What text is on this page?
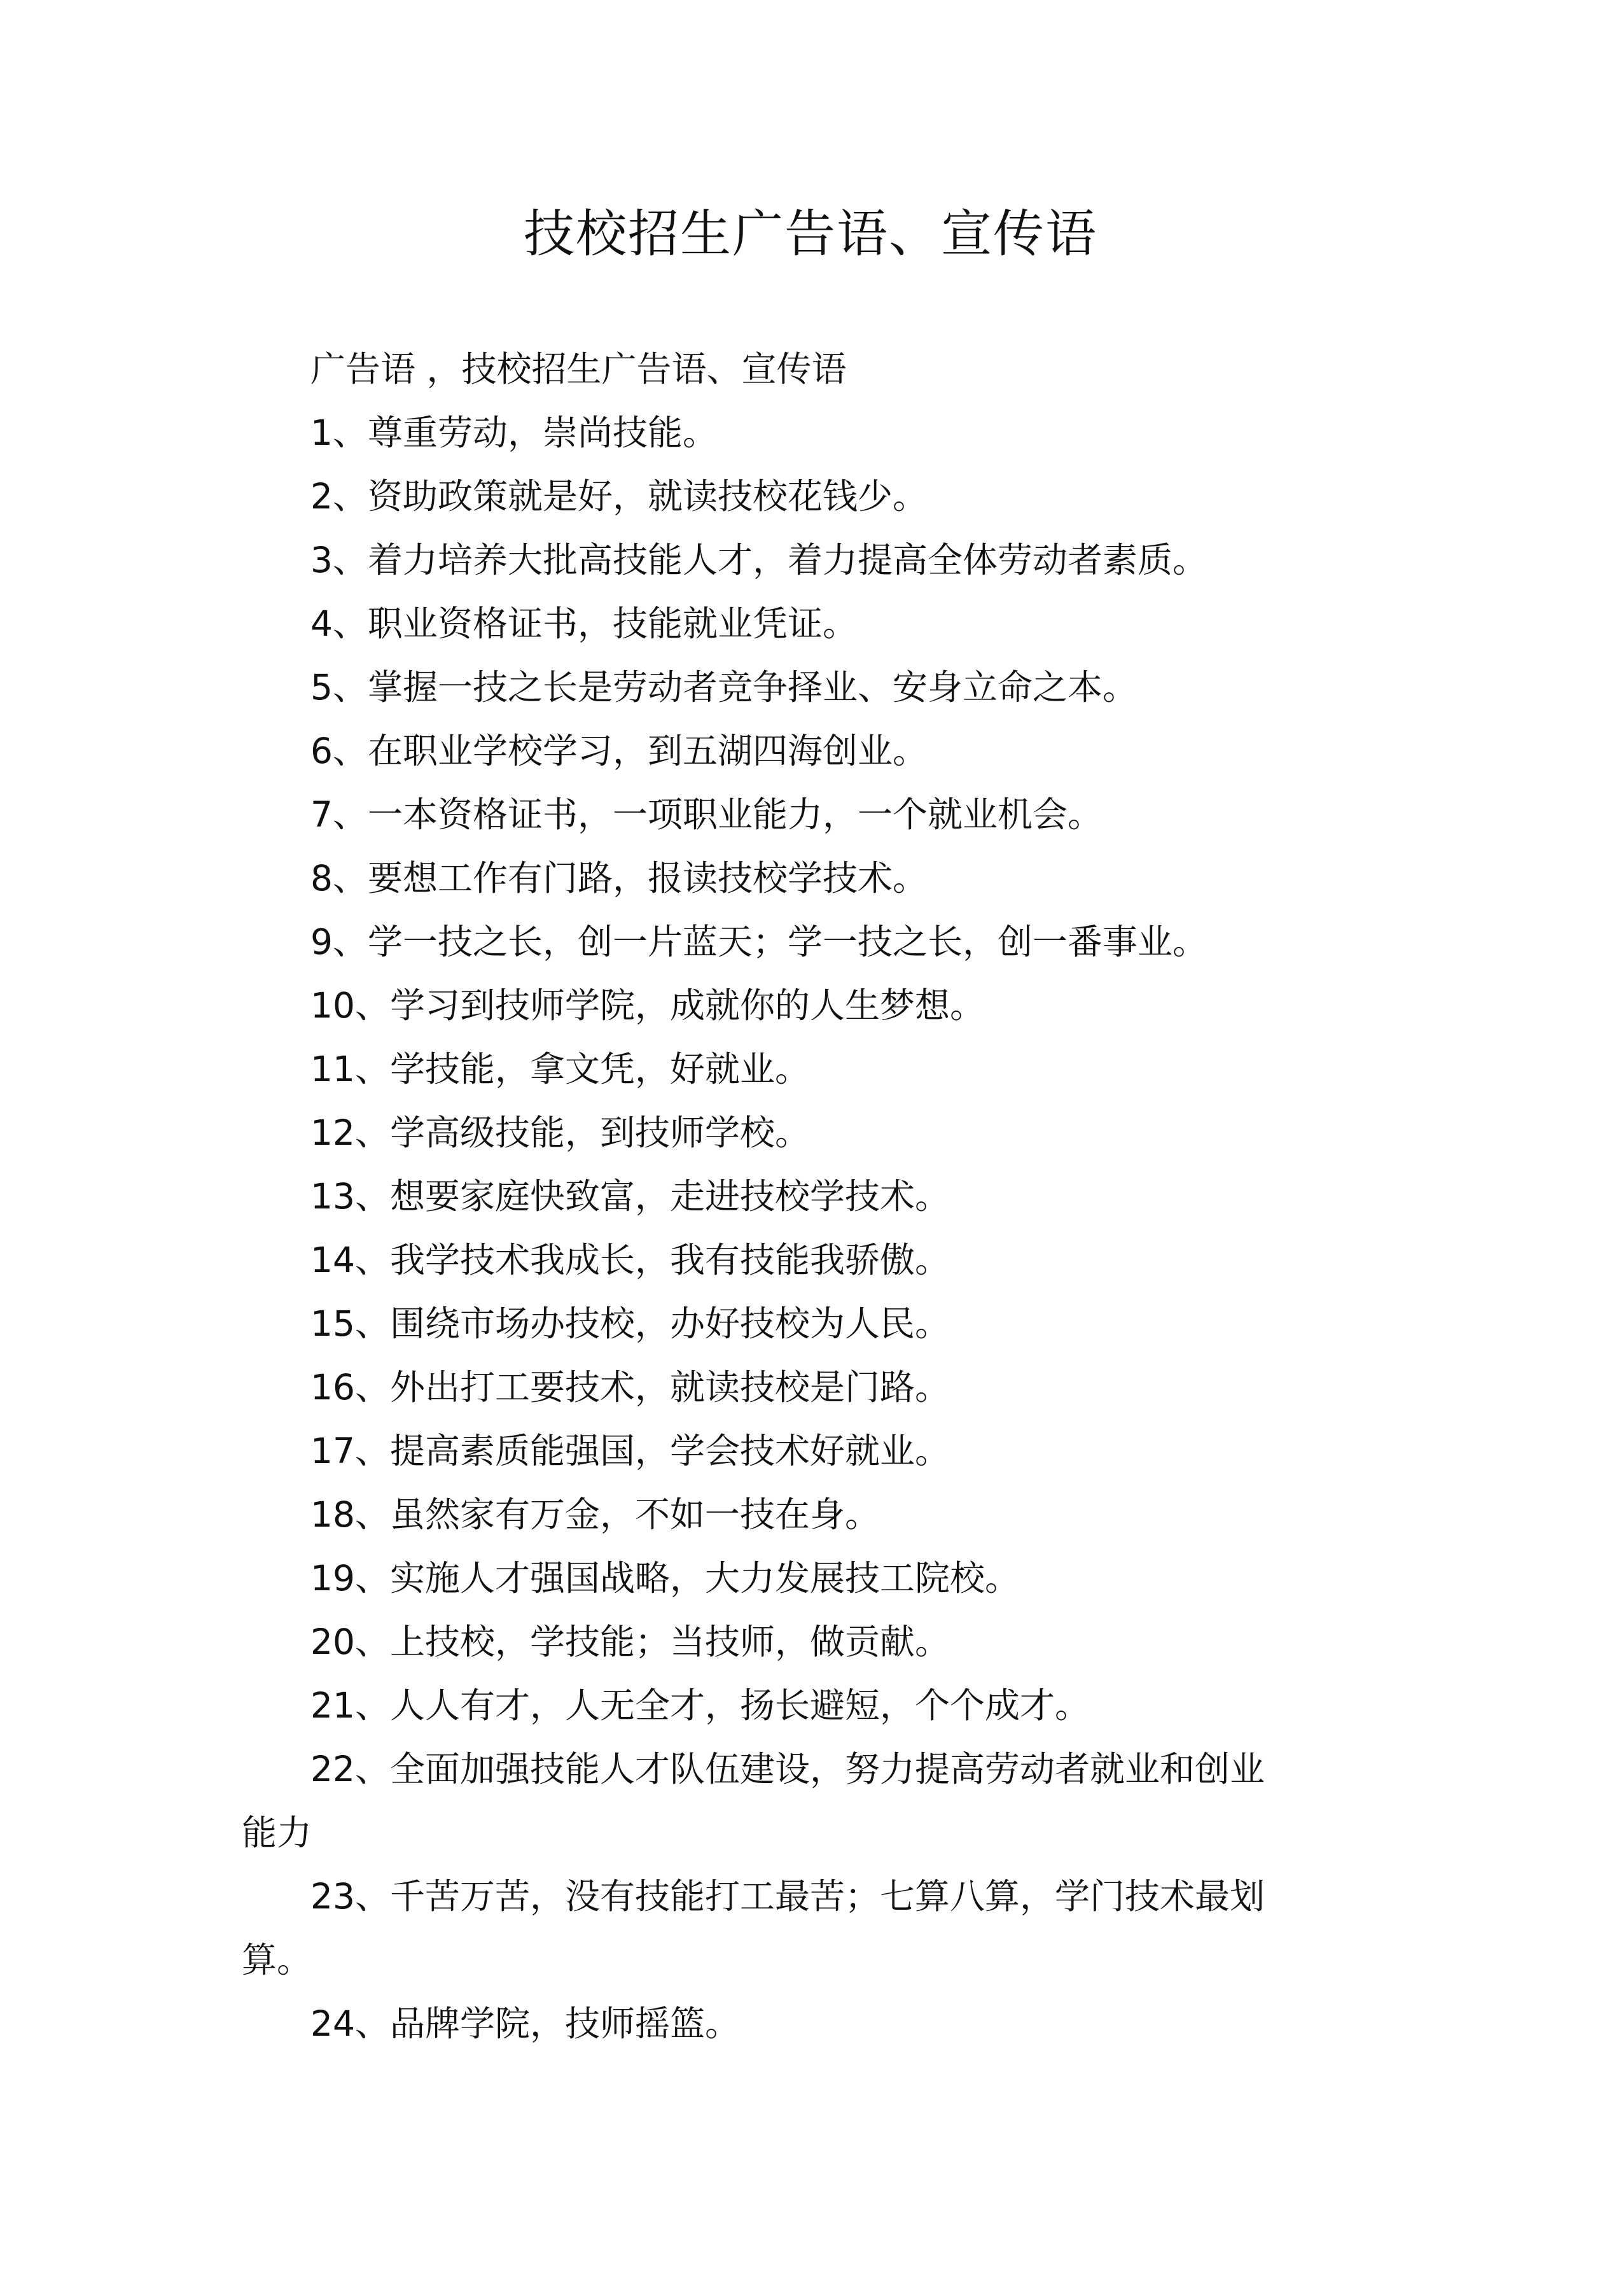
技校招生广告语、宣传语
广告语 ，技校招生广告语、宣传语
1、尊重劳动，崇尚技能。
2、资助政策就是好，就读技校花钱少。
3、着力培养大批高技能人才，着力提高全体劳动者素质。
4、职业资格证书，技能就业凭证。
5、掌握一技之长是劳动者竞争择业、安身立命之本。
6、在职业学校学习，到五湖四海创业。
7、一本资格证书，一项职业能力，一个就业机会。
8、要想工作有门路，报读技校学技术。
9、学一技之长，创一片蓝天；学一技之长，创一番事业。
10、学习到技师学院，成就你的人生梦想。
11、学技能，拿文凭，好就业。
12、学高级技能，到技师学校。
13、想要家庭快致富，走进技校学技术。
14、我学技术我成长，我有技能我骄傲。
15、围绕市场办技校，办好技校为人民。
16、外出打工要技术，就读技校是门路。
17、提高素质能强国，学会技术好就业。
18、虽然家有万金，不如一技在身。
19、实施人才强国战略，大力发展技工院校。
20、上技校，学技能；当技师，做贡献。
21、人人有才，人无全才，扬长避短，个个成才。
22、全面加强技能人才队伍建设，努力提高劳动者就业和创业
能力
23、千苦万苦，没有技能打工最苦；七算八算，学门技术最划
算。
24、品牌学院，技师摇篮。
